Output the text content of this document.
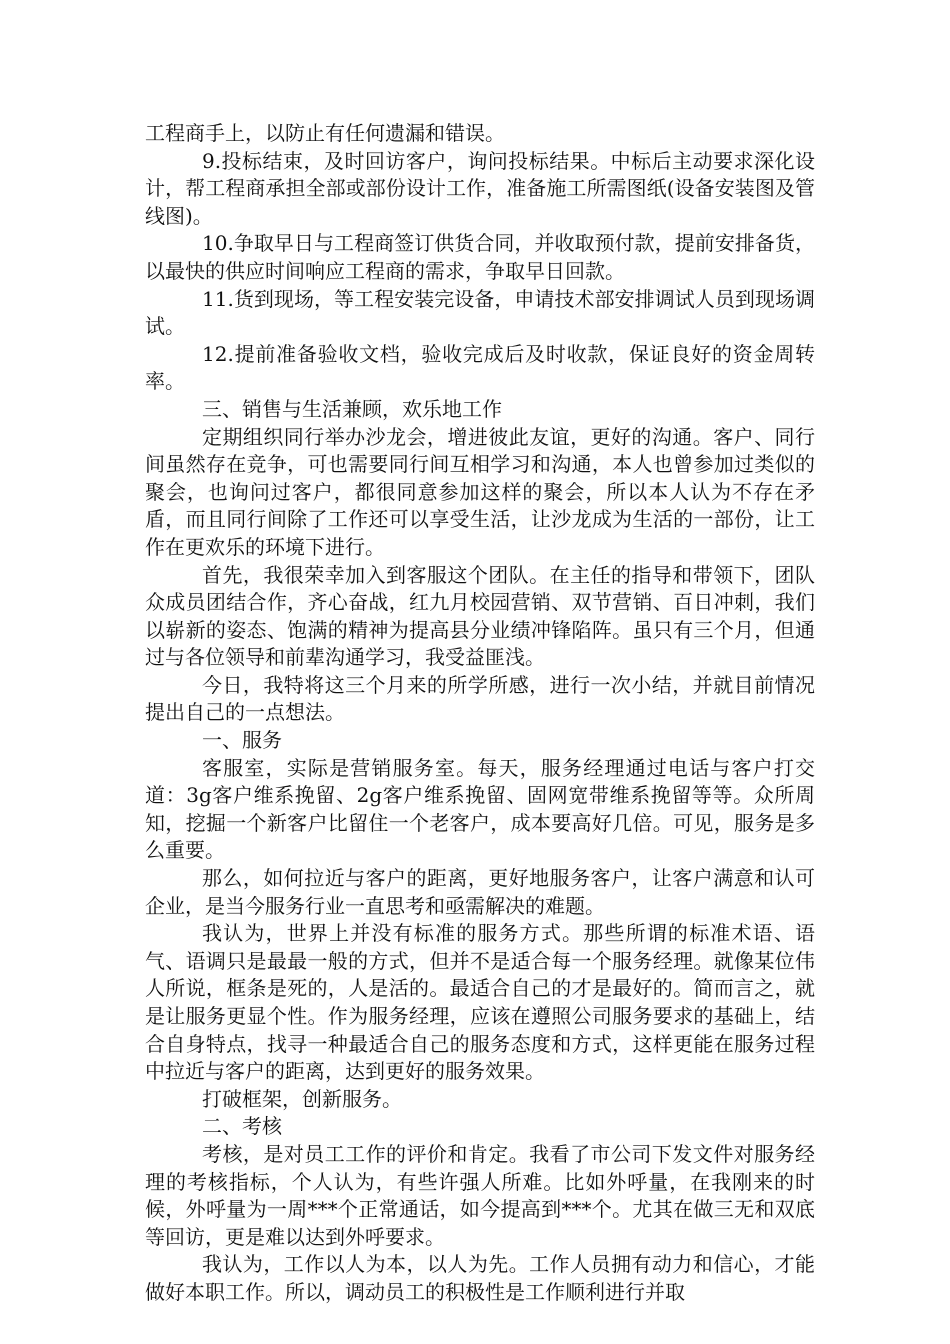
工程商手上，以防止有任何遗漏和错误。

9.投标结束，及时回访客户，询问投标结果。中标后主动要求深化设计，帮工程商承担全部或部份设计工作，准备施工所需图纸(设备安装图及管线图)。

10.争取早日与工程商签订供货合同，并收取预付款，提前安排备货，以最快的供应时间响应工程商的需求，争取早日回款。

11.货到现场，等工程安装完设备，申请技术部安排调试人员到现场调试。

12.提前准备验收文档，验收完成后及时收款，保证良好的资金周转率。

三、销售与生活兼顾，欢乐地工作

定期组织同行举办沙龙会，增进彼此友谊，更好的沟通。客户、同行间虽然存在竞争，可也需要同行间互相学习和沟通，本人也曾参加过类似的聚会，也询问过客户，都很同意参加这样的聚会，所以本人认为不存在矛盾，而且同行间除了工作还可以享受生活，让沙龙成为生活的一部份，让工作在更欢乐的环境下进行。

首先，我很荣幸加入到客服这个团队。在主任的指导和带领下，团队众成员团结合作，齐心奋战，红九月校园营销、双节营销、百日冲刺，我们以崭新的姿态、饱满的精神为提高县分业绩冲锋陷阵。虽只有三个月，但通过与各位领导和前辈沟通学习，我受益匪浅。

今日，我特将这三个月来的所学所感，进行一次小结，并就目前情况提出自己的一点想法。

一、服务

客服室，实际是营销服务室。每天，服务经理通过电话与客户打交道：3g客户维系挽留、2g客户维系挽留、固网宽带维系挽留等等。众所周知，挖掘一个新客户比留住一个老客户，成本要高好几倍。可见，服务是多么重要。

那么，如何拉近与客户的距离，更好地服务客户，让客户满意和认可企业，是当今服务行业一直思考和亟需解决的难题。

我认为，世界上并没有标准的服务方式。那些所谓的标准术语、语气、语调只是最最一般的方式，但并不是适合每一个服务经理。就像某位伟人所说，框条是死的，人是活的。最适合自己的才是最好的。简而言之，就是让服务更显个性。作为服务经理，应该在遵照公司服务要求的基础上，结合自身特点，找寻一种最适合自己的服务态度和方式，这样更能在服务过程中拉近与客户的距离，达到更好的服务效果。

打破框架，创新服务。

二、考核

考核，是对员工工作的评价和肯定。我看了市公司下发文件对服务经理的考核指标，个人认为，有些许强人所难。比如外呼量，在我刚来的时候，外呼量为一周***个正常通话，如今提高到***个。尤其在做三无和双底等回访，更是难以达到外呼要求。

我认为，工作以人为本，以人为先。工作人员拥有动力和信心，才能做好本职工作。所以，调动员工的积极性是工作顺利进行并取
